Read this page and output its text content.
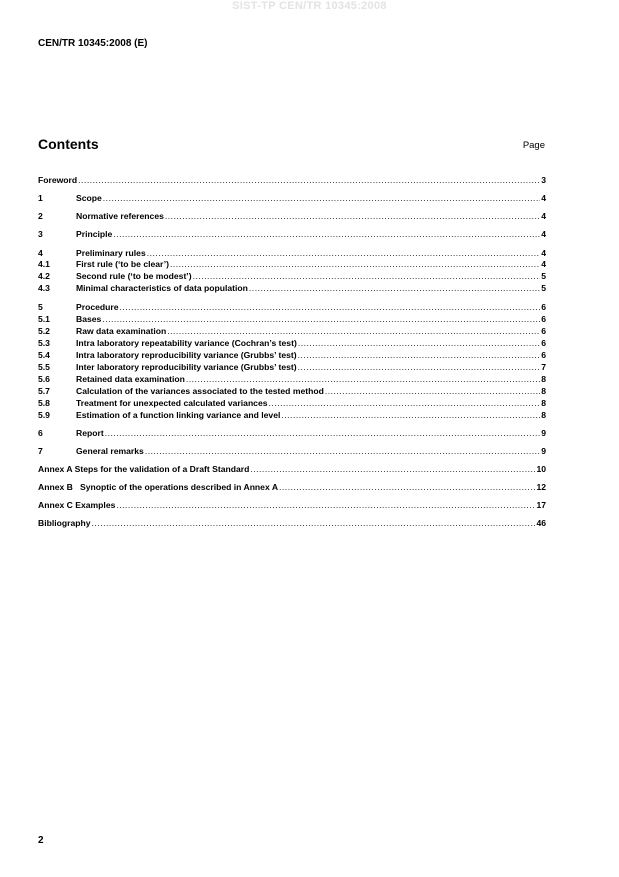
SIST-TP CEN/TR 10345:2008
CEN/TR 10345:2008 (E)
Contents	Page
Foreword .....	3
1	Scope .....	4
2	Normative references .....	4
3	Principle .....	4
4	Preliminary rules .....	4
4.1	First rule (‘to be clear’) .....	4
4.2	Second rule (‘to be modest’) .....	5
4.3	Minimal characteristics of data population .....	5
5	Procedure .....	6
5.1	Bases .....	6
5.2	Raw data examination .....	6
5.3	Intra laboratory repeatability variance (Cochran’s test) .....	6
5.4	Intra laboratory reproducibility variance (Grubbs’ test) .....	6
5.5	Inter laboratory reproducibility variance (Grubbs’ test) .....	7
5.6	Retained data examination .....	8
5.7	Calculation of the variances associated to the tested method .....	8
5.8	Treatment for unexpected calculated variances .....	8
5.9	Estimation of a function linking variance and level .....	8
6	Report .....	9
7	General remarks .....	9
Annex A Steps for the validation of a Draft Standard .....	10
Annex B   Synoptic of the operations described in Annex A .....	12
Annex C Examples .....	17
Bibliography .....	46
2
